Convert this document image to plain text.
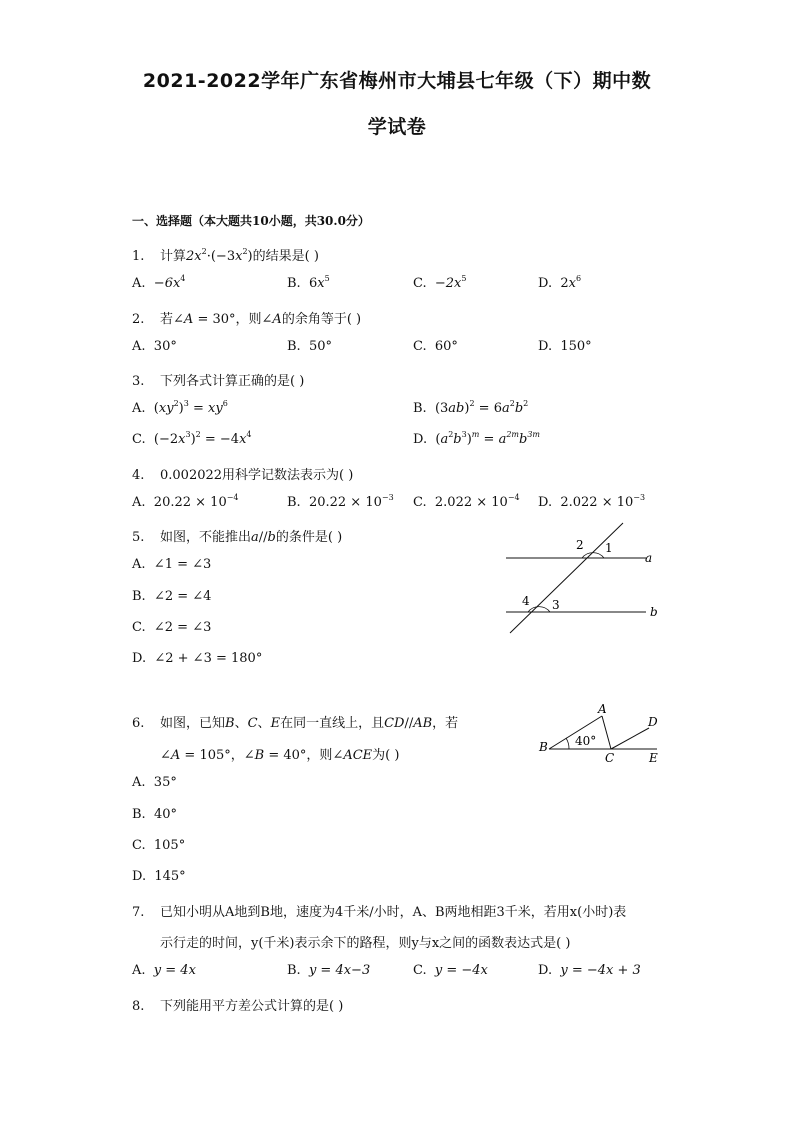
2021-2022学年广东省梅州市大埔县七年级（下）期中数
学试卷
一、选择题（本大题共10小题，共30.0分）
1. 计算$2x^2\cdot(-3x^2)$的结果是( )
A. $-6x^4$	B. $6x^5$	C. $-2x^5$	D. $2x^6$
2. 若∠A = 30°，则∠A的余角等于( )
A. 30°	B. 50°	C. 60°	D. 150°
3. 下列各式计算正确的是( )
A. $(xy^2)^3 = xy^6$	B. $(3ab)^2 = 6a^2b^2$
C. $(-2x^3)^2 = -4x^4$	D. $(a^2b^3)^m = a^{2m}b^{3m}$
4. 0.002022用科学记数法表示为( )
A. $20.22 \times 10^{-4}$	B. $20.22 \times 10^{-3}$ C. $2.022 \times 10^{-4}$ D. $2.022 \times 10^{-3}$
5. 如图，不能推出a//b的条件是( )
A. ∠1 = ∠3
B. ∠2 = ∠4
C. ∠2 = ∠3
D. ∠2 + ∠3 = 180°
2 1
a
4 3	b
6. 如图，已知B、C、E在同一直线上，且CD//AB，若
∠A = 105°，∠B = 40°，则∠ACE为( )
A. 35°
B. 40°
C. 105°
D. 145°
A
D
B 40°
C	E
7. 已知小明从A地到B地，速度为4千米/小时，A、B两地相距3千米，若用x(小时)表
示行走的时间，y(千米)表示余下的路程，则y与x之间的函数表达式是( )
A. y = 4x	B. y = 4x−3	C. y = −4x	D. y = −4x + 3
8. 下列能用平方差公式计算的是( )
